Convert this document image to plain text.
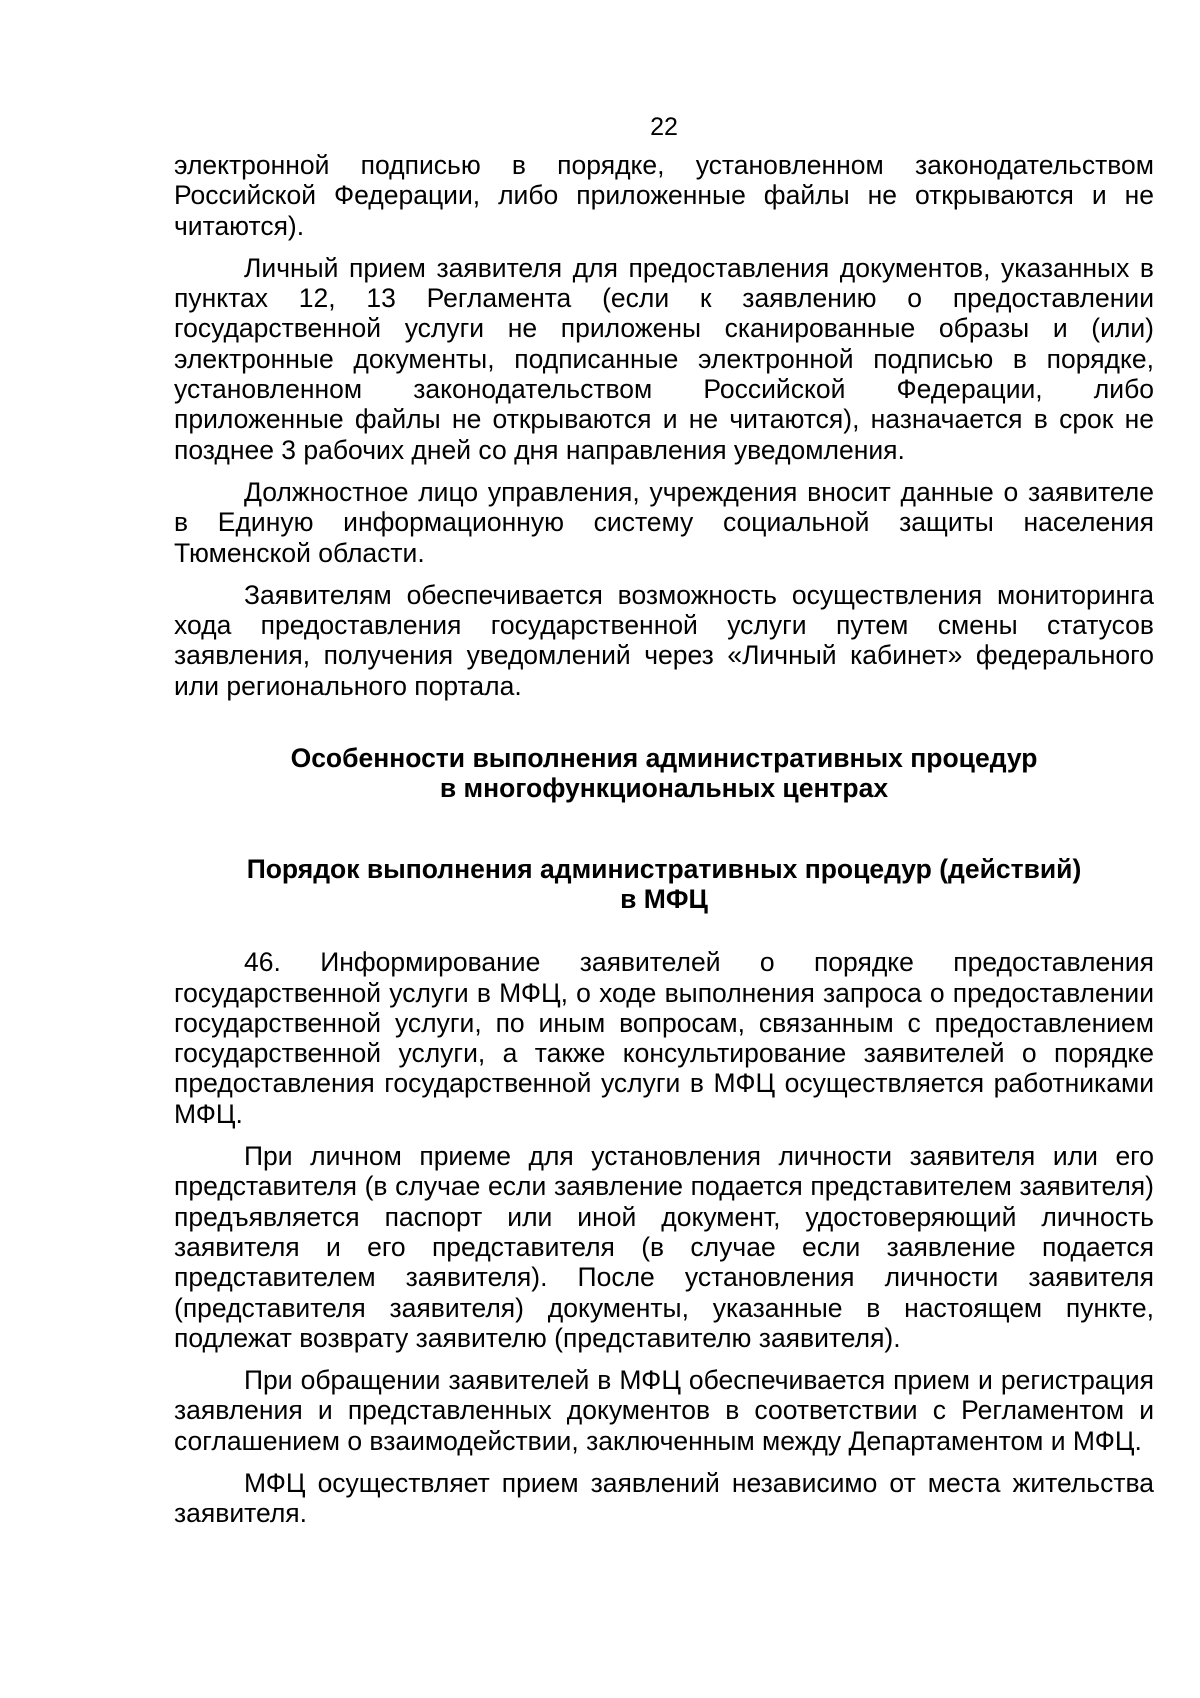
22

электронной подписью в порядке, установленном законодательством Российской Федерации, либо приложенные файлы не открываются и не читаются).

Личный прием заявителя для предоставления документов, указанных в пунктах 12, 13 Регламента (если к заявлению о предоставлении государственной услуги не приложены сканированные образы и (или) электронные документы, подписанные электронной подписью в порядке, установленном законодательством Российской Федерации, либо приложенные файлы не открываются и не читаются), назначается в срок не позднее 3 рабочих дней со дня направления уведомления.

Должностное лицо управления, учреждения вносит данные о заявителе в Единую информационную систему социальной защиты населения Тюменской области.

Заявителям обеспечивается возможность осуществления мониторинга хода предоставления государственной услуги путем смены статусов заявления, получения уведомлений через «Личный кабинет» федерального или регионального портала.

Особенности выполнения административных процедур

в многофункциональных центрах

Порядок выполнения административных процедур (действий)

в МФЦ

46. Информирование заявителей о порядке предоставления государственной услуги в МФЦ, о ходе выполнения запроса о предоставлении государственной услуги, по иным вопросам, связанным с предоставлением государственной услуги, а также консультирование заявителей о порядке предоставления государственной услуги в МФЦ осуществляется работниками МФЦ.

При личном приеме для установления личности заявителя или его представителя (в случае если заявление подается представителем заявителя) предъявляется паспорт или иной документ, удостоверяющий личность заявителя и его представителя (в случае если заявление подается представителем заявителя). После установления личности заявителя (представителя заявителя) документы, указанные в настоящем пункте, подлежат возврату заявителю (представителю заявителя).

При обращении заявителей в МФЦ обеспечивается прием и регистрация заявления и представленных документов в соответствии с Регламентом и соглашением о взаимодействии, заключенным между Департаментом и МФЦ.

МФЦ осуществляет прием заявлений независимо от места жительства заявителя.
